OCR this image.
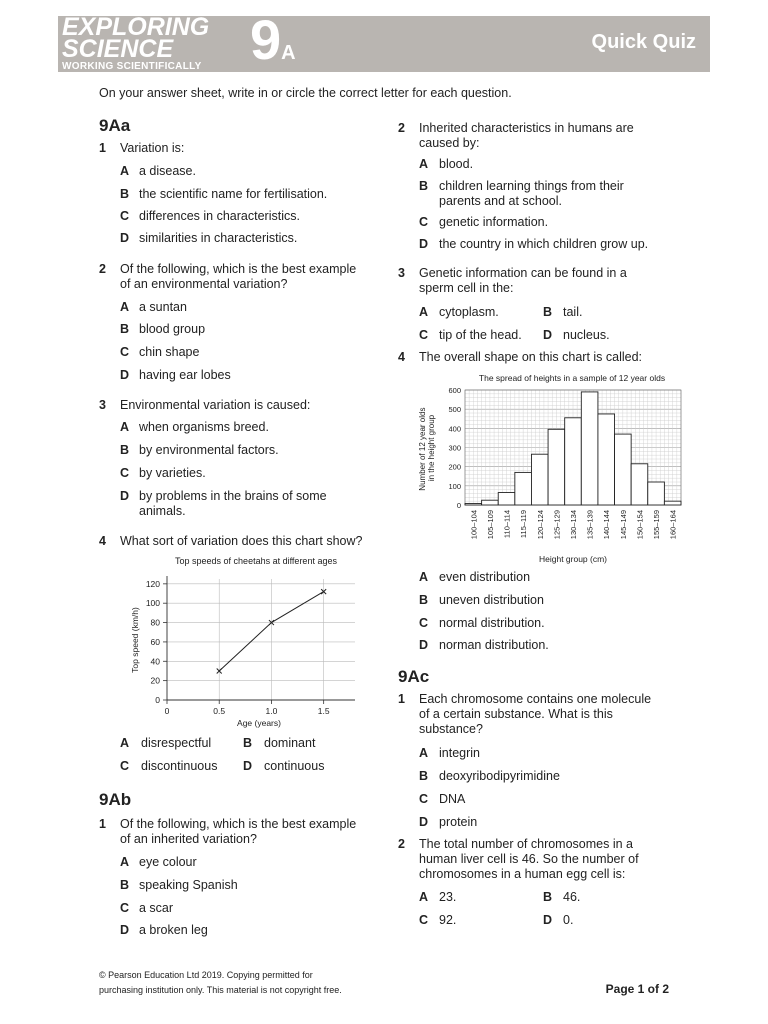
EXPLORING
SCIENCE
WORKING SCIENTIFICALLY 9A	Quick Quiz
On your answer sheet, write in or circle the correct letter for each question.
9Aa
1 Variation is:
A a disease.
B the scientific name for fertilisation.
C differences in characteristics.
D similarities in characteristics.
2 Of the following, which is the best example
of an environmental variation?
A a suntan
B blood group
C chin shape
D having ear lobes
3 Environmental variation is caused:
A when organisms breed.
B by environmental factors.
C by varieties.
D by problems in the brains of some
animals.
4 What sort of variation does this chart show?
Top speeds of cheetahs at different ages
0
20
40
60
80
100
120
0	0.5	1.0	1.5
Top speed (km/h)
Age (years)
A disrespectful	B dominant
C discontinuous D continuous
9Ab
1 Of the following, which is the best example
of an inherited variation?
A eye colour
B speaking Spanish
C a scar
D a broken leg
2 Inherited characteristics in humans are
caused by:
A blood.
B children learning things from their
parents and at school.
C genetic information.
D the country in which children grow up.
3 Genetic information can be found in a
sperm cell in the:
A cytoplasm.	B tail.
C tip of the head. D nucleus.
4 The overall shape on this chart is called:
The spread of heights in a sample of 12 year olds
0
100
200
300
400
500
600
100–104 105–109 110–114 115–119 120–124 125–129 130–134 135–139 140–144 145–149 150–154 155–159 160–164
Number of 12 year olds in the height group
Height group (cm)
A even distribution
B uneven distribution
C normal distribution.
D norman distribution.
9Ac
1 Each chromosome contains one molecule
of a certain substance. What is this
substance?
A integrin
B deoxyribodipyrimidine
C DNA
D protein
2 The total number of chromosomes in a
human liver cell is 46. So the number of
chromosomes in a human egg cell is:
A 23.	B 46.
C 92.	D 0.
© Pearson Education Ltd 2019. Copying permitted for
purchasing institution only. This material is not copyright free.	Page 1 of 2
